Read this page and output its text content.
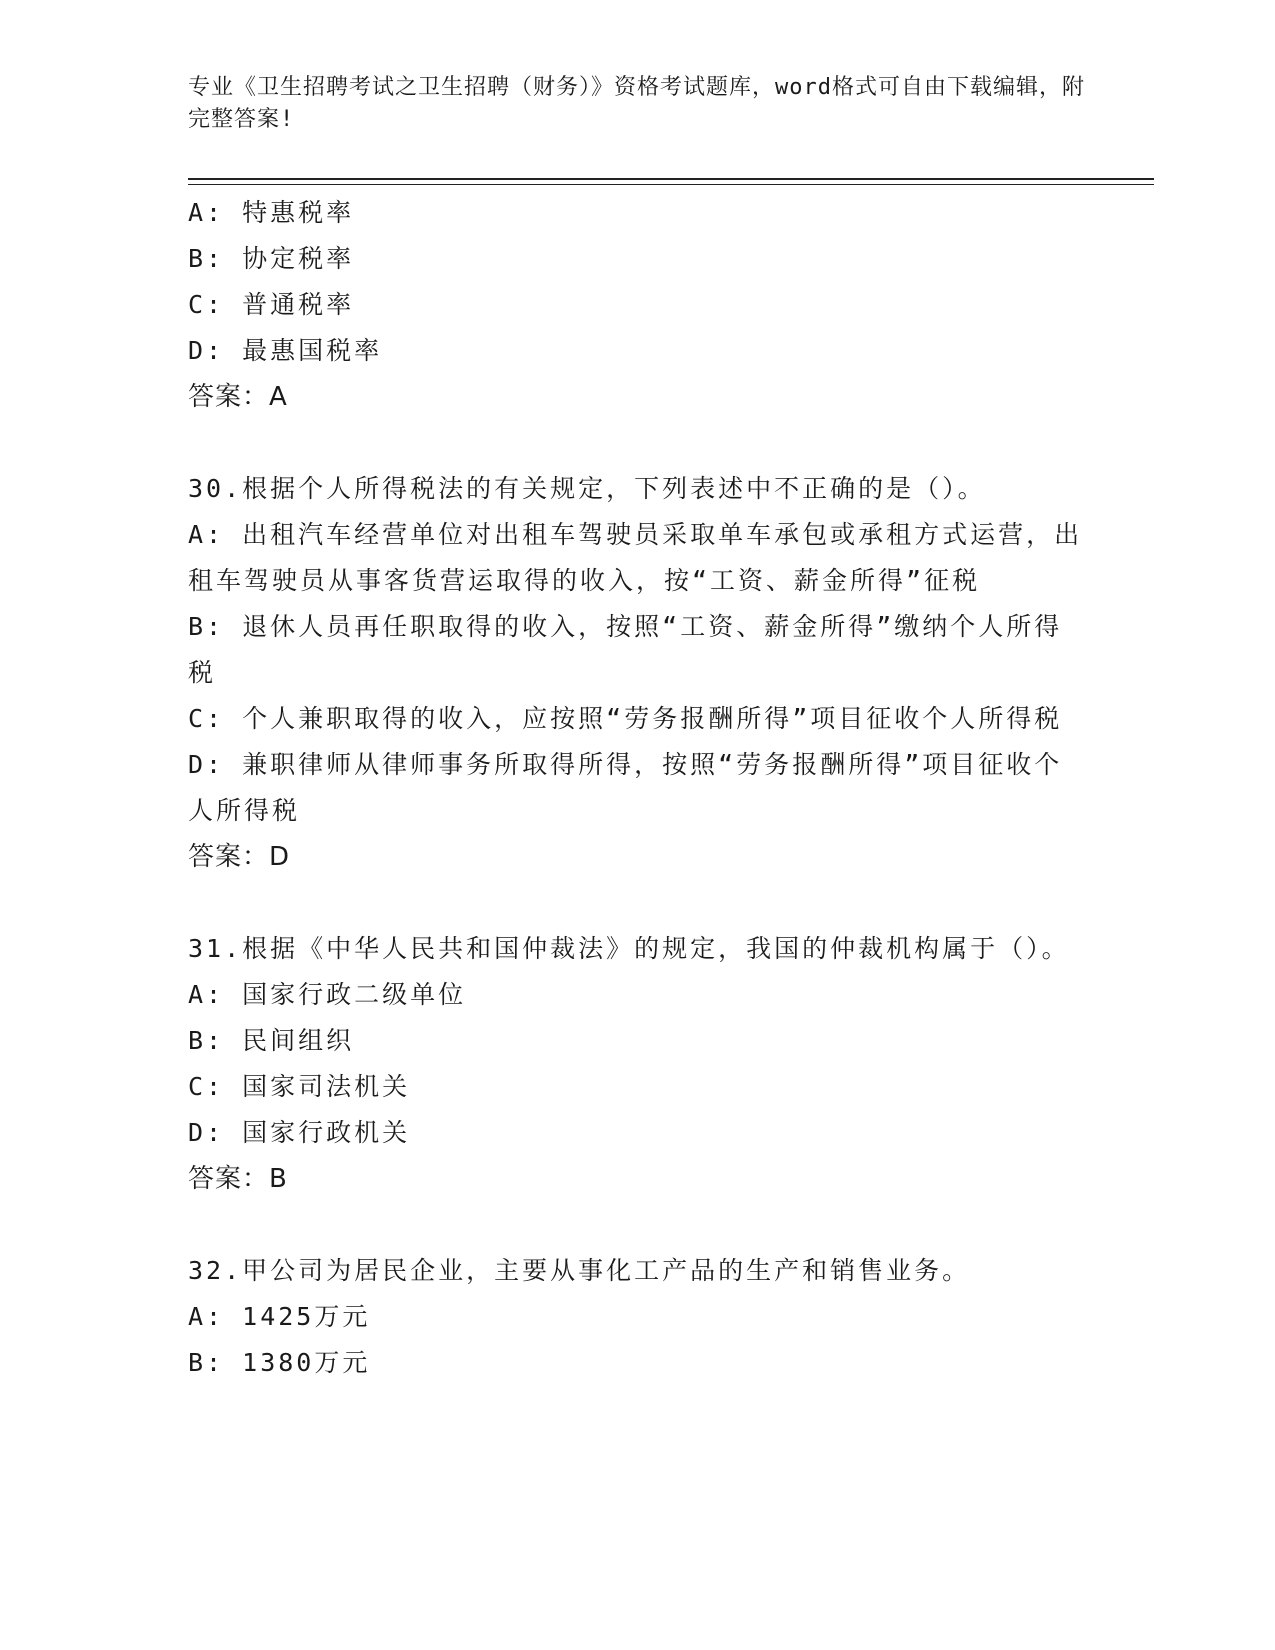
专业《卫生招聘考试之卫生招聘（财务）》资格考试题库，word格式可自由下载编辑，附完整答案!
A: 特惠税率
B: 协定税率
C: 普通税率
D: 最惠国税率
答案：A
30.根据个人所得税法的有关规定，下列表述中不正确的是（）。
A: 出租汽车经营单位对出租车驾驶员采取单车承包或承租方式运营，出租车驾驶员从事客货营运取得的收入，按“工资、薪金所得”征税
B: 退休人员再任职取得的收入，按照“工资、薪金所得”缴纳个人所得税
C: 个人兼职取得的收入，应按照“劳务报酬所得”项目征收个人所得税
D: 兼职律师从律师事务所取得所得，按照“劳务报酬所得”项目征收个人所得税
答案：D
31.根据《中华人民共和国仲裁法》的规定，我国的仲裁机构属于（）。
A: 国家行政二级单位
B: 民间组织
C: 国家司法机关
D: 国家行政机关
答案：B
32.甲公司为居民企业，主要从事化工产品的生产和销售业务。
A: 1425万元
B: 1380万元
